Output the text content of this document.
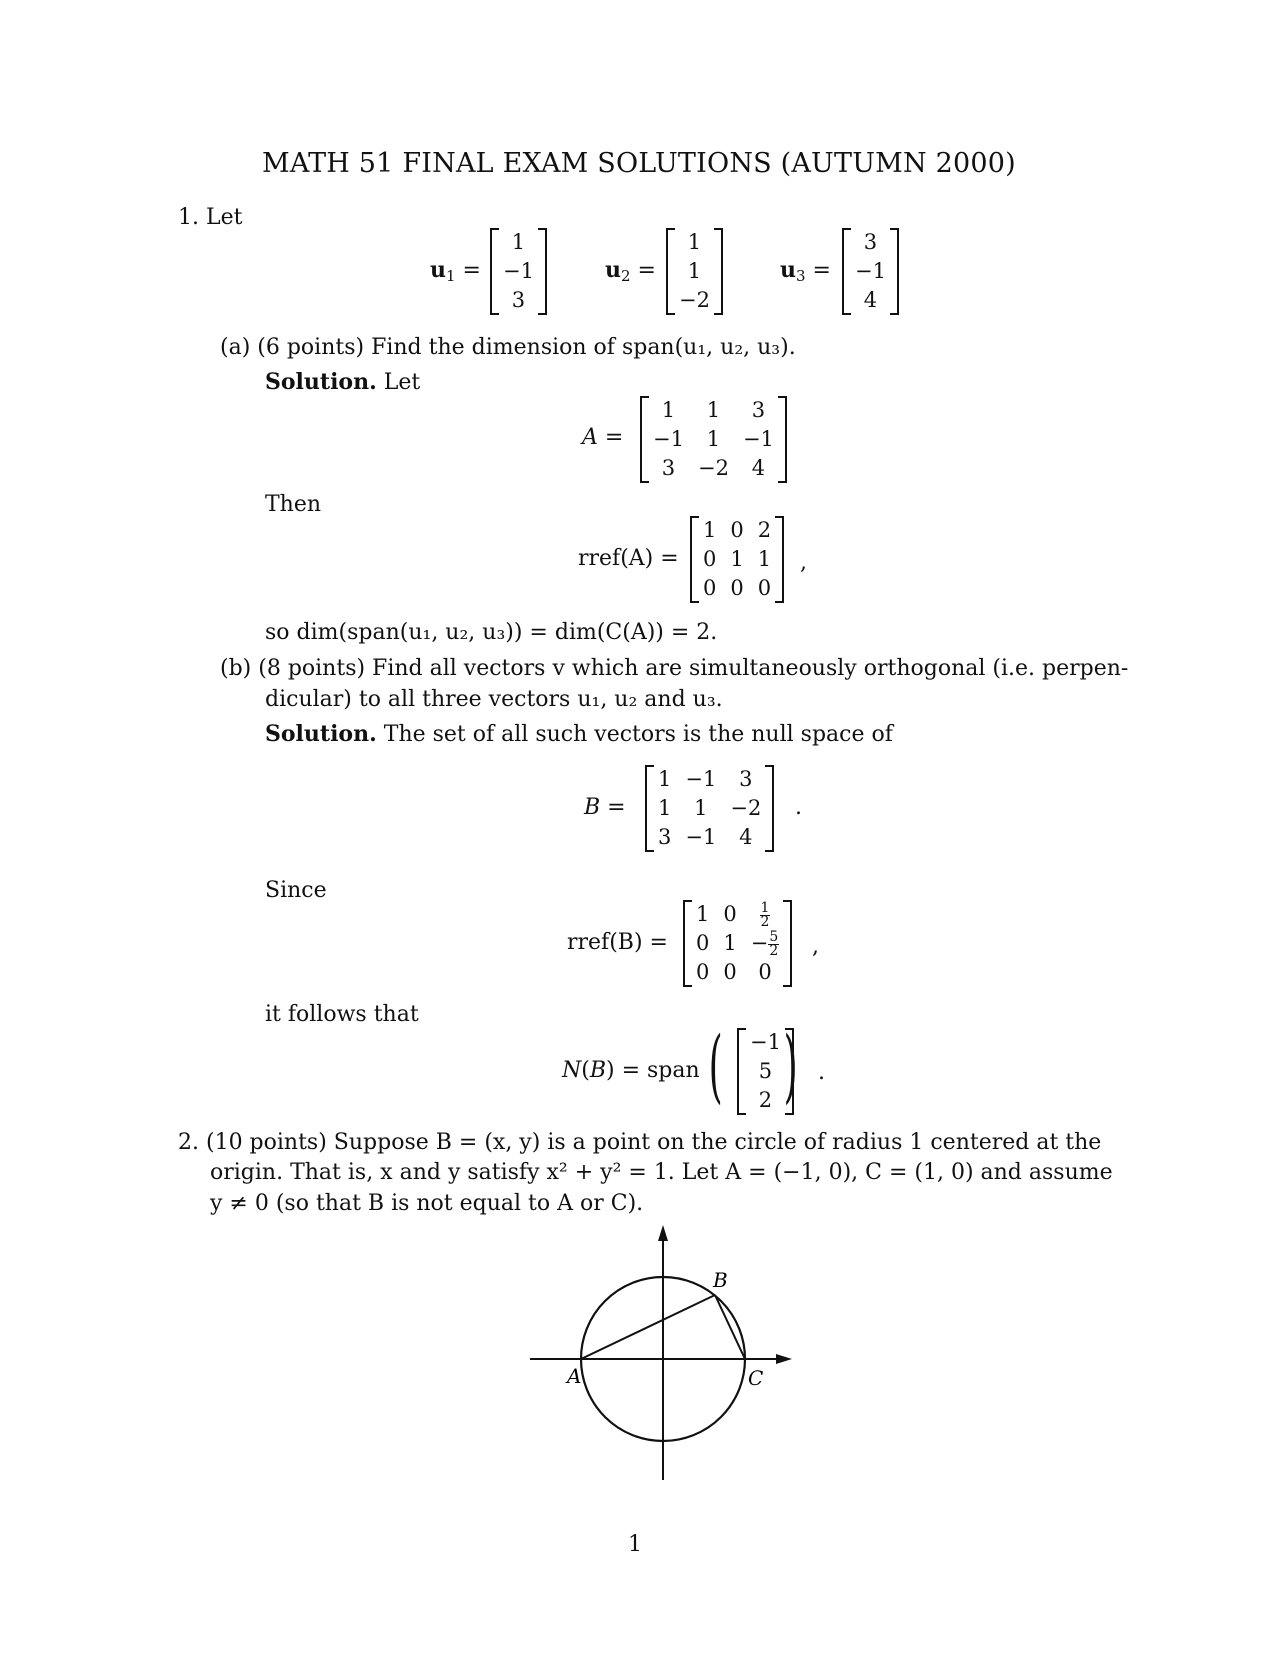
MATH 51 FINAL EXAM SOLUTIONS (AUTUMN 2000)
1. Let
$u_1$ =
1
−1
3
$u_2$ =
1
1
−2
$u_3$ =
3
−1
4
(a) (6 points) Find the dimension of span(u₁, u₂, u₃).
Solution. Let
A =
1	1	3
−1	1	−1
3	−2	4
Then
rref(A) =
1	0	2
0	1	1
0	0	0
,
so dim(span(u₁, u₂, u₃)) = dim(C(A)) = 2.
(b) (8 points) Find all vectors v which are simultaneously orthogonal (i.e. perpen-
dicular) to all three vectors u₁, u₂ and u₃.
Solution. The set of all such vectors is the null space of
B =
1	−1	3
1	1	−2
3	−1	4
.
Since
rref(B) =
1	0	$\frac{1}{2}$

0	1	− $\frac{5}{2}$

0	0	0
,
it follows that
N(B) = span ( −1
5
2 ) .
2. (10 points) Suppose B = (x, y) is a point on the circle of radius 1 centered at the
origin. That is, x and y satisfy x² + y² = 1. Let A = (−1, 0), C = (1, 0) and assume
y ≠ 0 (so that B is not equal to A or C).
B
A	C
1
